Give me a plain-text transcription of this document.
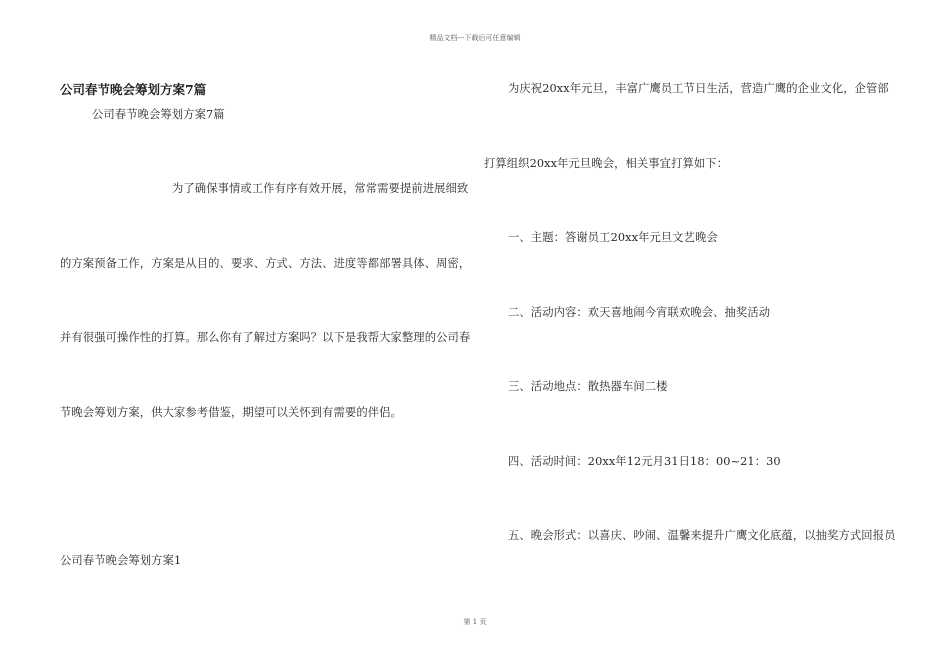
精品文档---下载后可任意编辑
公司春节晚会筹划方案7篇
公司春节晚会筹划方案7篇
为了确保事情或工作有序有效开展，常常需要提前进展细致
的方案预备工作，方案是从目的、要求、方式、方法、进度等都部署具体、周密，
并有很强可操作性的打算。那么你有了解过方案吗？以下是我帮大家整理的公司春
节晚会筹划方案，供大家参考借鉴，期望可以关怀到有需要的伴侣。
公司春节晚会筹划方案1
为庆祝20xx年元旦，丰富广鹰员工节日生活，营造广鹰的企业文化，企管部
打算组织20xx年元旦晚会，相关事宜打算如下：
一、主题：答谢员工20xx年元旦文艺晚会
二、活动内容：欢天喜地闹今宵联欢晚会、抽奖活动
三、活动地点：散热器车间二楼
四、活动时间：20xx年12元月31日18：00~21：30
五、晚会形式：以喜庆、吵闹、温馨来提升广鹰文化底蕴，以抽奖方式回报员
第 1 页
